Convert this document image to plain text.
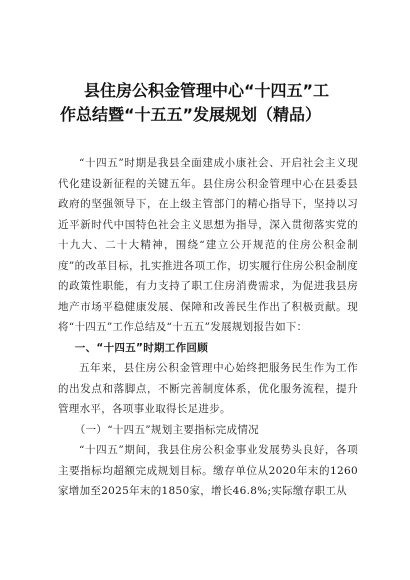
县住房公积金管理中心“十四五”工
作总结暨“十五五”发展规划（精品）

“十四五”时期是我县全面建成小康社会、开启社会主义现代化建设新征程的关键五年。县住房公积金管理中心在县委县政府的坚强领导下，在上级主管部门的精心指导下，坚持以习近平新时代中国特色社会主义思想为指导，深入贯彻落实党的十九大、二十大精神，围绕“建立公开规范的住房公积金制度”的改革目标，扎实推进各项工作，切实履行住房公积金制度的政策性职能，有力支持了职工住房消费需求，为促进我县房地产市场平稳健康发展、保障和改善民生作出了积极贡献。现将“十四五”工作总结及“十五五”发展规划报告如下：

一、“十四五”时期工作回顾

五年来，县住房公积金管理中心始终把服务民生作为工作的出发点和落脚点，不断完善制度体系，优化服务流程，提升管理水平，各项事业取得长足进步。

（一）“十四五”规划主要指标完成情况

“十四五”期间，我县住房公积金事业发展势头良好，各项主要指标均超额完成规划目标。缴存单位从2020年末的1260家增加至2025年末的1850家，增长46.8%;实际缴存职工从
